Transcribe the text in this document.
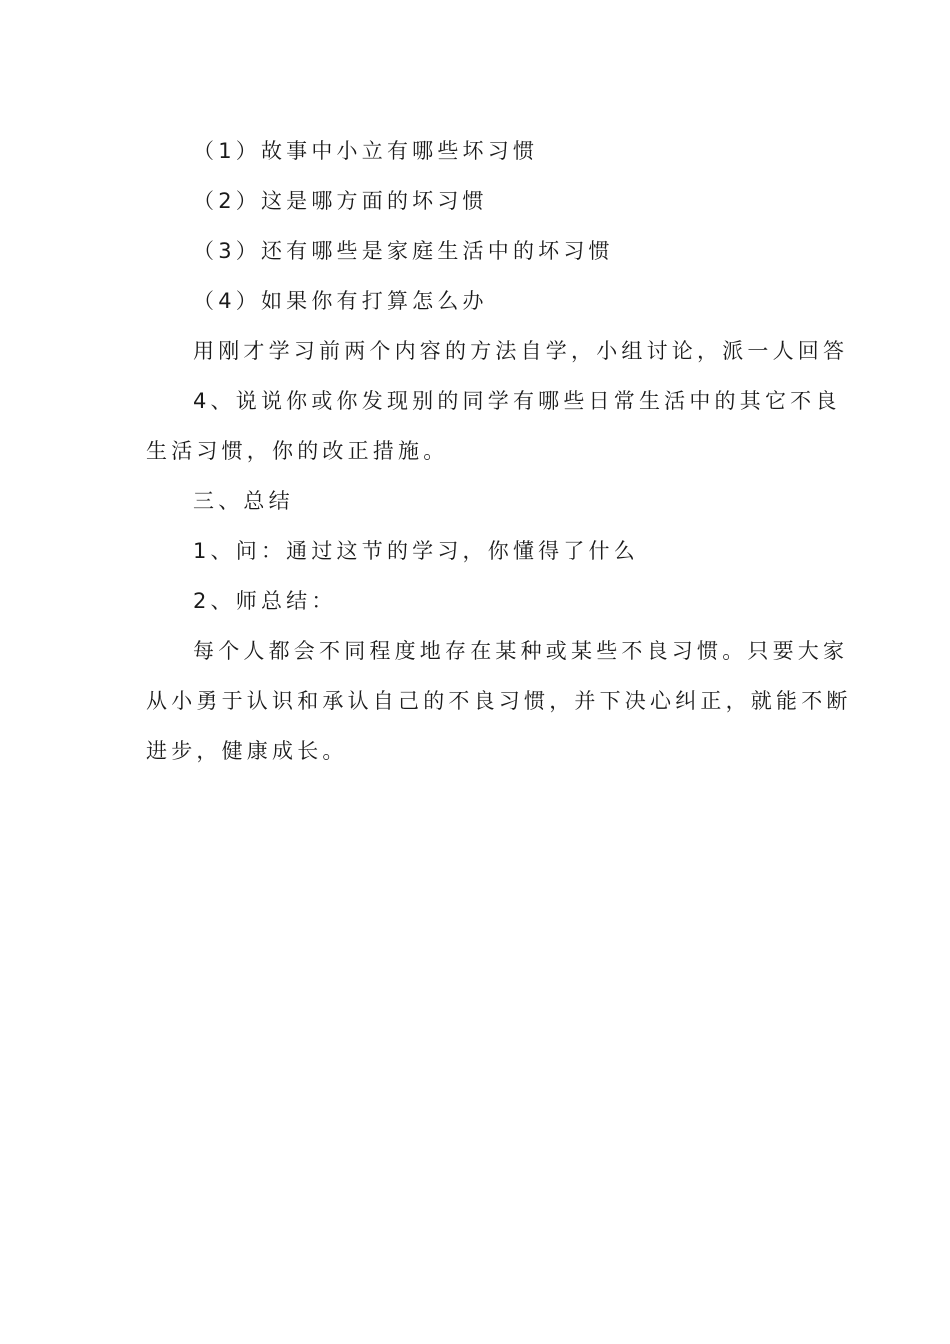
（1）故事中小立有哪些坏习惯
（2）这是哪方面的坏习惯
（3）还有哪些是家庭生活中的坏习惯
（4）如果你有打算怎么办
用刚才学习前两个内容的方法自学，小组讨论，派一人回答
4、说说你或你发现别的同学有哪些日常生活中的其它不良
生活习惯，你的改正措施。
三、总结
1、问：通过这节的学习，你懂得了什么
2、师总结：
每个人都会不同程度地存在某种或某些不良习惯。只要大家
从小勇于认识和承认自己的不良习惯，并下决心纠正，就能不断
进步，健康成长。
